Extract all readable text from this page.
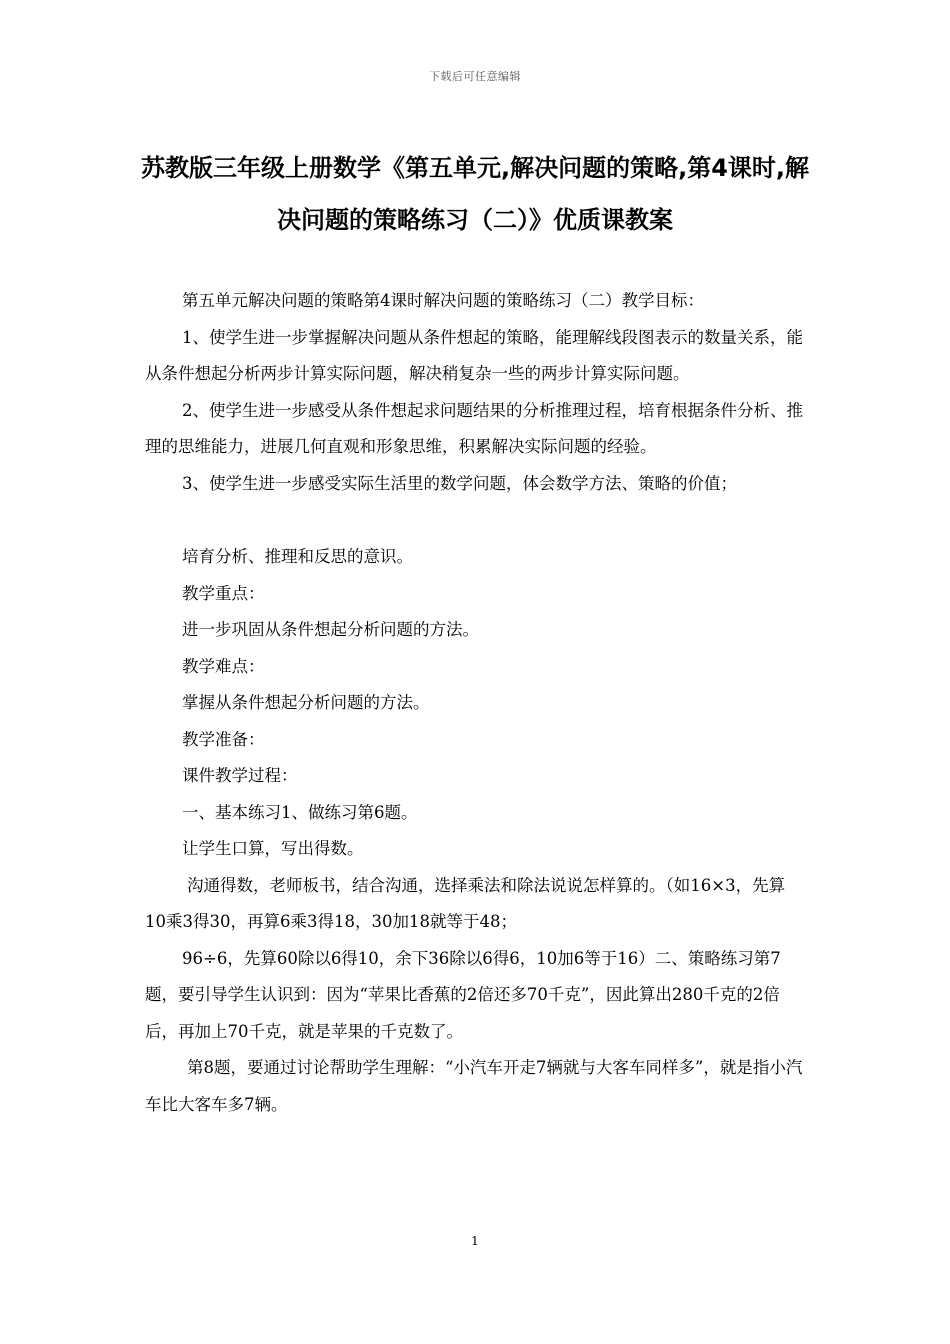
下载后可任意编辑
苏教版三年级上册数学《第五单元,解决问题的策略,第4课时,解决问题的策略练习（二）》优质课教案

第五单元解决问题的策略第4课时解决问题的策略练习（二）教学目标：

1、使学生进一步掌握解决问题从条件想起的策略，能理解线段图表示的数量关系，能从条件想起分析两步计算实际问题，解决稍复杂一些的两步计算实际问题。

2、使学生进一步感受从条件想起求问题结果的分析推理过程，培育根据条件分析、推理的思维能力，进展几何直观和形象思维，积累解决实际问题的经验。

3、使学生进一步感受实际生活里的数学问题，体会数学方法、策略的价值；

培育分析、推理和反思的意识。

教学重点：

进一步巩固从条件想起分析问题的方法。

教学难点：

掌握从条件想起分析问题的方法。

教学准备：

课件教学过程：

一、基本练习1、做练习第6题。

让学生口算，写出得数。

沟通得数，老师板书，结合沟通，选择乘法和除法说说怎样算的。（如16×3，先算10乘3得30，再算6乘3得18，30加18就等于48；

96÷6，先算60除以6得10，余下36除以6得6，10加6等于16）二、策略练习第7题，要引导学生认识到：因为“苹果比香蕉的2倍还多70千克”，因此算出280千克的2倍后，再加上70千克，就是苹果的千克数了。

第8题，要通过讨论帮助学生理解：“小汽车开走7辆就与大客车同样多”，就是指小汽车比大客车多7辆。

1
